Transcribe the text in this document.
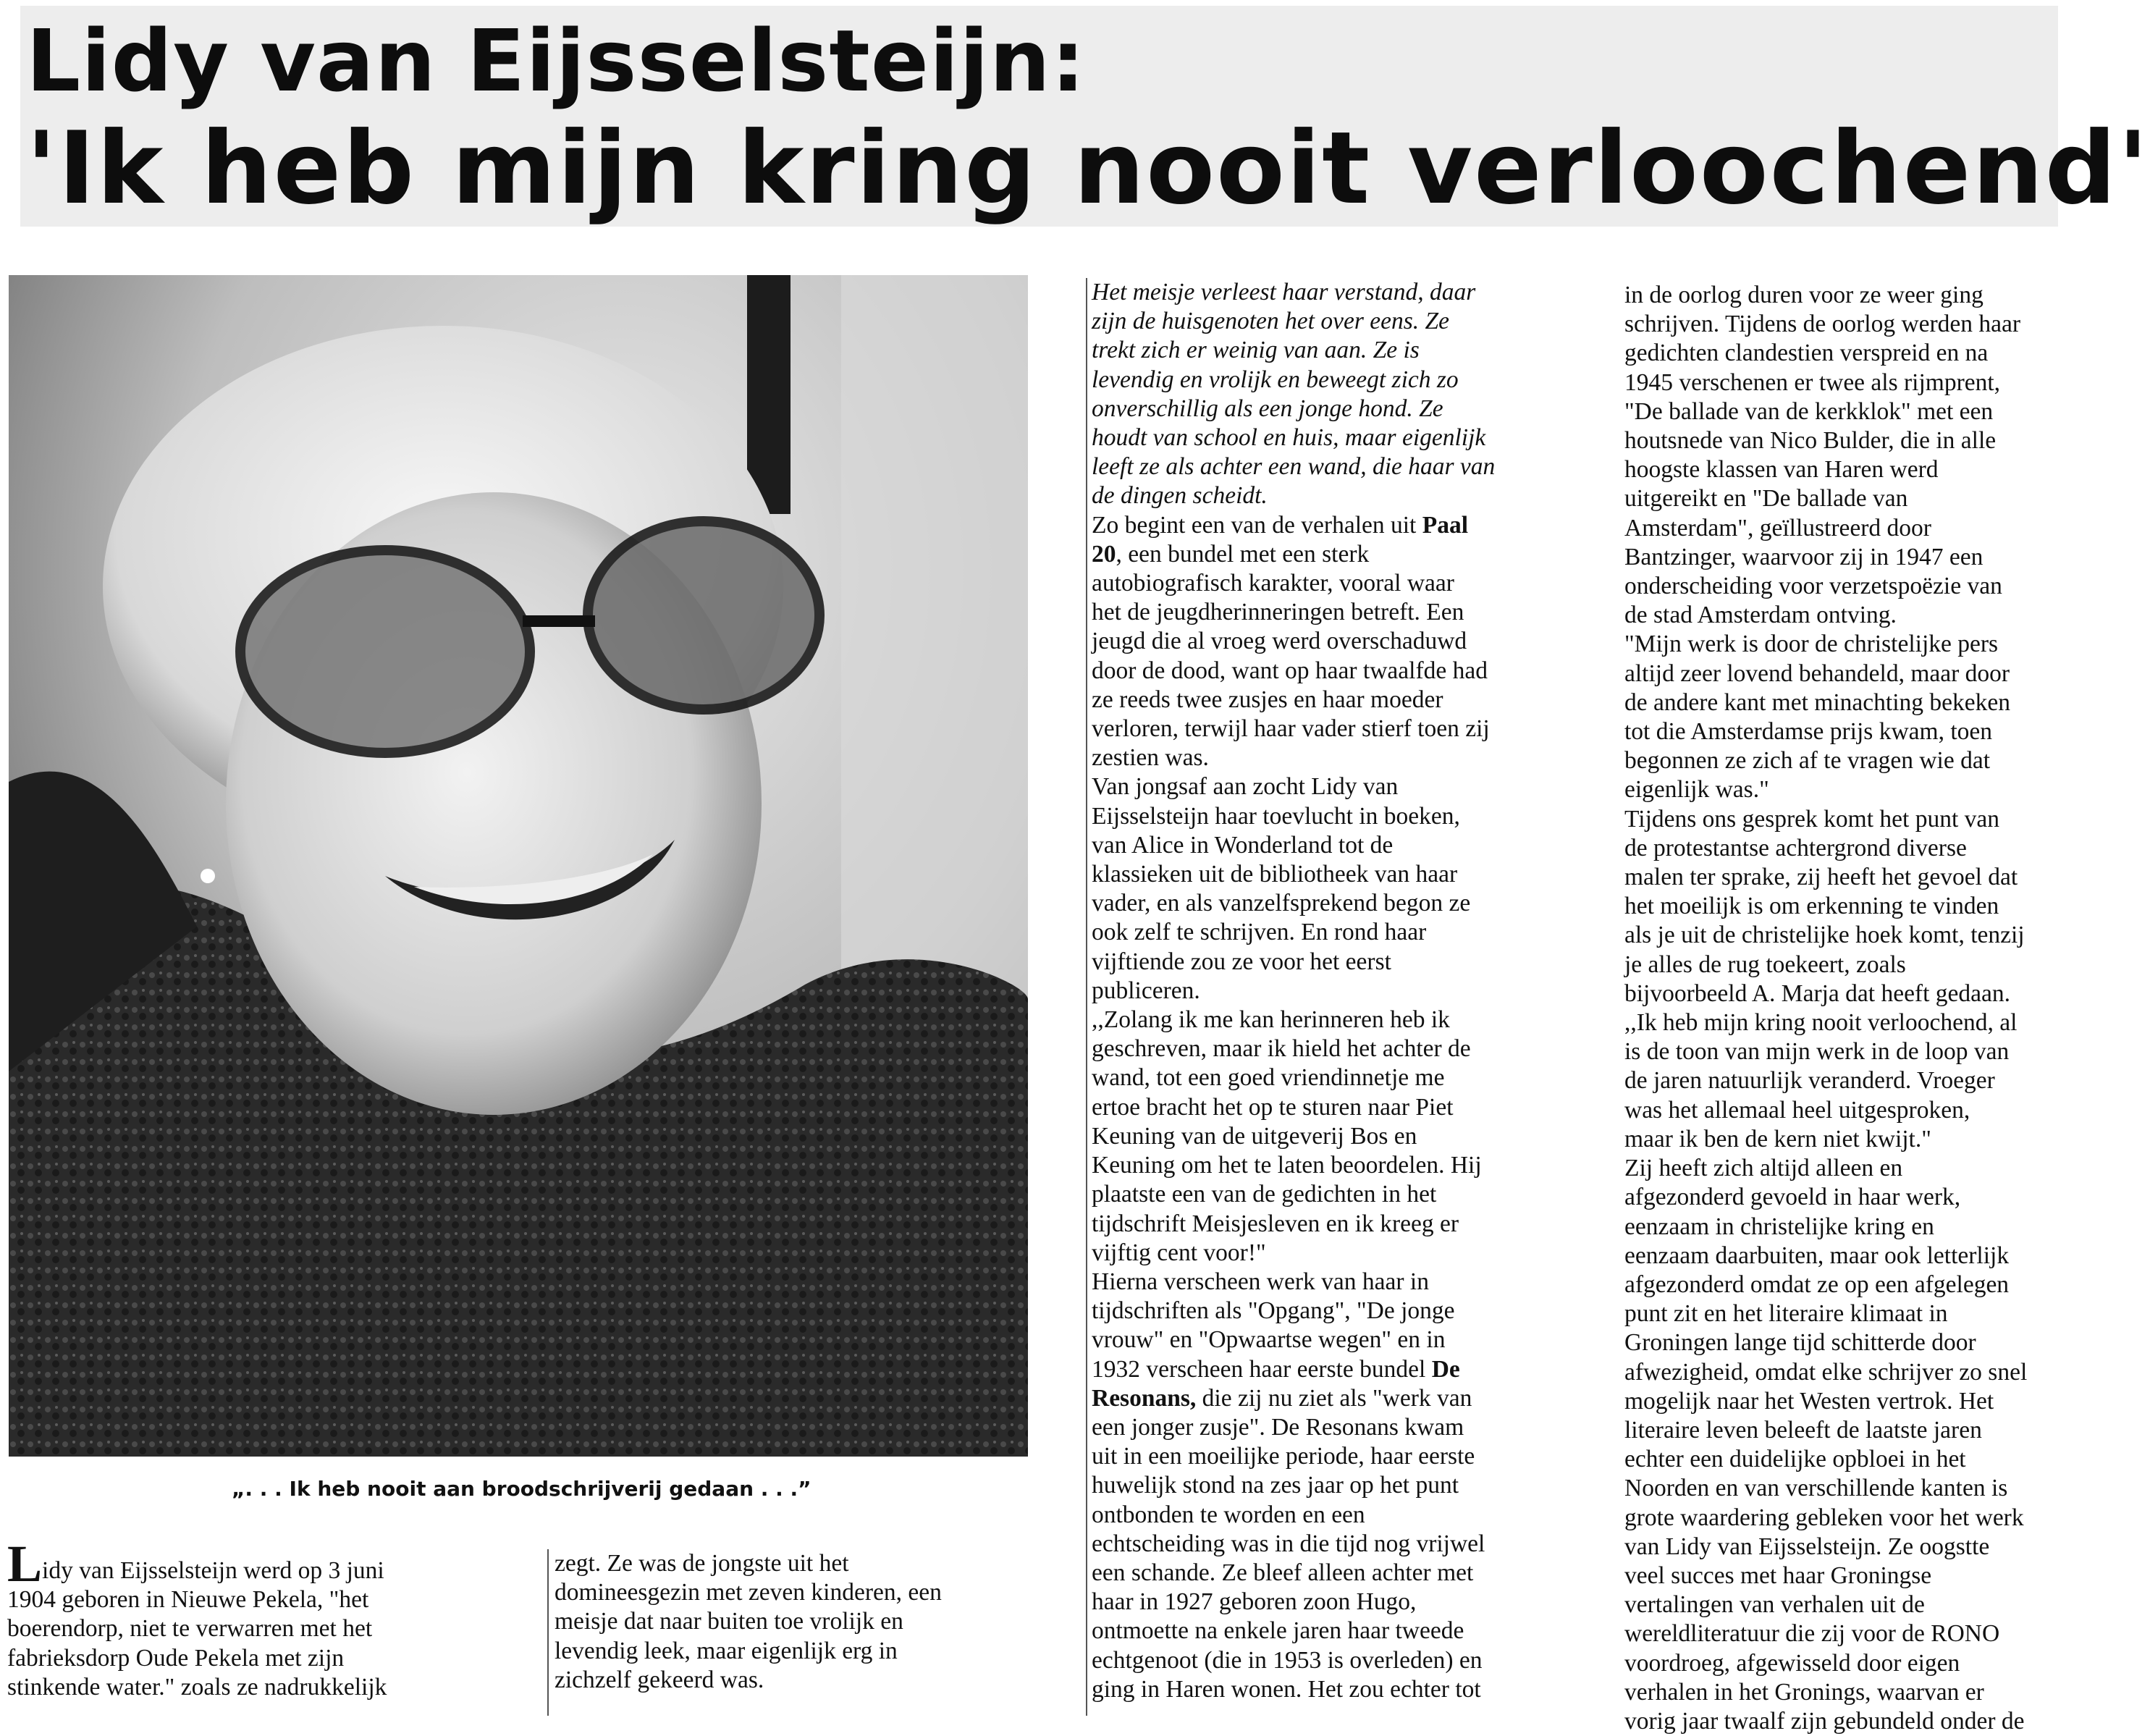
Lidy van Eijsselsteijn:
'Ik heb mijn kring nooit verloochend'
„. . . Ik heb nooit aan broodschrijverij gedaan . . .”

Het meisje verleest haar verstand, daar

zijn de huisgenoten het over eens. Ze

trekt zich er weinig van aan. Ze is

levendig en vrolijk en beweegt zich zo

onverschillig als een jonge hond. Ze

houdt van school en huis, maar eigenlijk

leeft ze als achter een wand, die haar van

de dingen scheidt.

Zo begint een van de verhalen uit Paal

20, een bundel met een sterk

autobiografisch karakter, vooral waar

het de jeugdherinneringen betreft. Een

jeugd die al vroeg werd overschaduwd

door de dood, want op haar twaalfde had

ze reeds twee zusjes en haar moeder

verloren, terwijl haar vader stierf toen zij

zestien was.

Van jongsaf aan zocht Lidy van

Eijsselsteijn haar toevlucht in boeken,

van Alice in Wonderland tot de

klassieken uit de bibliotheek van haar

vader, en als vanzelfsprekend begon ze

ook zelf te schrijven. En rond haar

vijftiende zou ze voor het eerst

publiceren.

,,Zolang ik me kan herinneren heb ik

geschreven, maar ik hield het achter de

wand, tot een goed vriendinnetje me

ertoe bracht het op te sturen naar Piet

Keuning van de uitgeverij Bos en

Keuning om het te laten beoordelen. Hij

plaatste een van de gedichten in het

tijdschrift Meisjesleven en ik kreeg er

vijftig cent voor!"

Hierna verscheen werk van haar in

tijdschriften als "Opgang", "De jonge

vrouw" en "Opwaartse wegen" en in

1932 verscheen haar eerste bundel De

Resonans, die zij nu ziet als "werk van

een jonger zusje". De Resonans kwam

uit in een moeilijke periode, haar eerste

huwelijk stond na zes jaar op het punt

ontbonden te worden en een

echtscheiding was in die tijd nog vrijwel

een schande. Ze bleef alleen achter met

haar in 1927 geboren zoon Hugo,

ontmoette na enkele jaren haar tweede

echtgenoot (die in 1953 is overleden) en

ging in Haren wonen. Het zou echter tot

in de oorlog duren voor ze weer ging

schrijven. Tijdens de oorlog werden haar

gedichten clandestien verspreid en na

1945 verschenen er twee als rijmprent,

"De ballade van de kerkklok" met een

houtsnede van Nico Bulder, die in alle

hoogste klassen van Haren werd

uitgereikt en "De ballade van

Amsterdam", geïllustreerd door

Bantzinger, waarvoor zij in 1947 een

onderscheiding voor verzetspoëzie van

de stad Amsterdam ontving.

"Mijn werk is door de christelijke pers

altijd zeer lovend behandeld, maar door

de andere kant met minachting bekeken

tot die Amsterdamse prijs kwam, toen

begonnen ze zich af te vragen wie dat

eigenlijk was."

Tijdens ons gesprek komt het punt van

de protestantse achtergrond diverse

malen ter sprake, zij heeft het gevoel dat

het moeilijk is om erkenning te vinden

als je uit de christelijke hoek komt, tenzij

je alles de rug toekeert, zoals

bijvoorbeeld A. Marja dat heeft gedaan.

,,Ik heb mijn kring nooit verloochend, al

is de toon van mijn werk in de loop van

de jaren natuurlijk veranderd. Vroeger

was het allemaal heel uitgesproken,

maar ik ben de kern niet kwijt."

Zij heeft zich altijd alleen en

afgezonderd gevoeld in haar werk,

eenzaam in christelijke kring en

eenzaam daarbuiten, maar ook letterlijk

afgezonderd omdat ze op een afgelegen

punt zit en het literaire klimaat in

Groningen lange tijd schitterde door

afwezigheid, omdat elke schrijver zo snel

mogelijk naar het Westen vertrok. Het

literaire leven beleeft de laatste jaren

echter een duidelijke opbloei in het

Noorden en van verschillende kanten is

grote waardering gebleken voor het werk

van Lidy van Eijsselsteijn. Ze oogstte

veel succes met haar Groningse

vertalingen van verhalen uit de

wereldliteratuur die zij voor de RONO

voordroeg, afgewisseld door eigen

verhalen in het Gronings, waarvan er

vorig jaar twaalf zijn gebundeld onder de

Lidy van Eijsselsteijn werd op 3 juni

1904 geboren in Nieuwe Pekela, "het

boerendorp, niet te verwarren met het

fabrieksdorp Oude Pekela met zijn

stinkende water." zoals ze nadrukkelijk

zegt. Ze was de jongste uit het

domineesgezin met zeven kinderen, een

meisje dat naar buiten toe vrolijk en

levendig leek, maar eigenlijk erg in

zichzelf gekeerd was.
